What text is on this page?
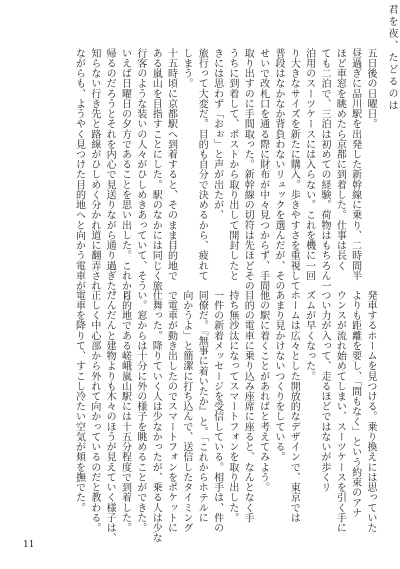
君を夜、たどるのは
五日後の日曜日。
昼過ぎに品川駅を出発した新幹線に乗り、二時間半
ほど車窓を眺めたら京都に到着した。仕事は長く
ても二泊で、三泊は初めての経験。荷物はもちろん一
泊用のスーツケースには入らない。これを機に一回
り大きなサイズを新たに購入。歩きやすさを重視して
普段はなかなか背負わないリュックを選んだが、その
せいで改札口を通る際に財布が中々見つからず、手間
取り出すのに手間取った。新幹線の切符は先ほどその
うちに到着して、ポストから取り出して開封したと
きには思わず「おぉ」と声が出たが、
旅行って大変だ。目的も自分で決めるから、疲れて
しまう。
十五時頃に京都駅へ到着すると、そのまま目的地で
ある嵐山を目指すことにした。駅のなかには同じく旅
行客のような装いの人々がひしめきあっていて、そう
いえば日曜日の夕方であることを思い出した。これから
帰るのだろうとそれを内心で見送りながら通り過ぎた。
知らない行き先と路線がひしめく分かれ道に翻弄され
ながらも、ようやく見つけた目的地へと向かう電車が
発車するホームを見つける。乗り換えには思っていた
よりも距離を要し、「間もなく」という約束のアナ
ウンスが流れ始めてしまい、スーツケースを引く手に
つい力が入って、走るほどではないが歩くリ
ズムが早くなった。
ホームは広々とした開放的なデザインで、東京では
あまり見かけないつくりをしている。
他の駅に着くことがあればと考えてみよう。
目的の電車に乗り込み座席に座ると、なんとなく手
持ち無沙汰になってスマートフォンを取り出した。
一件の新着メッセージを受信している。相手は、件の
同僚だ。『無事に着いたか』と。「これからホテルに
向かうよ」と簡潔に打ち込んで、送信したタイミング
で電車が動き出したのでスマートフォンをポケットに
仕舞った。降りていく人は少なかったが、乗る人は少な
い。窓からは十分に外の様子を眺めることができた。
目的地である嵯峨嵐山駅には十五分程度で到着した。
だんだんと建物よりも木々のほうが見えていく様子は、
正しく中心部から外れて向かっているのだと教わる。
電車を降りて、すこし冷たい空気が頬を撫でた。
11
